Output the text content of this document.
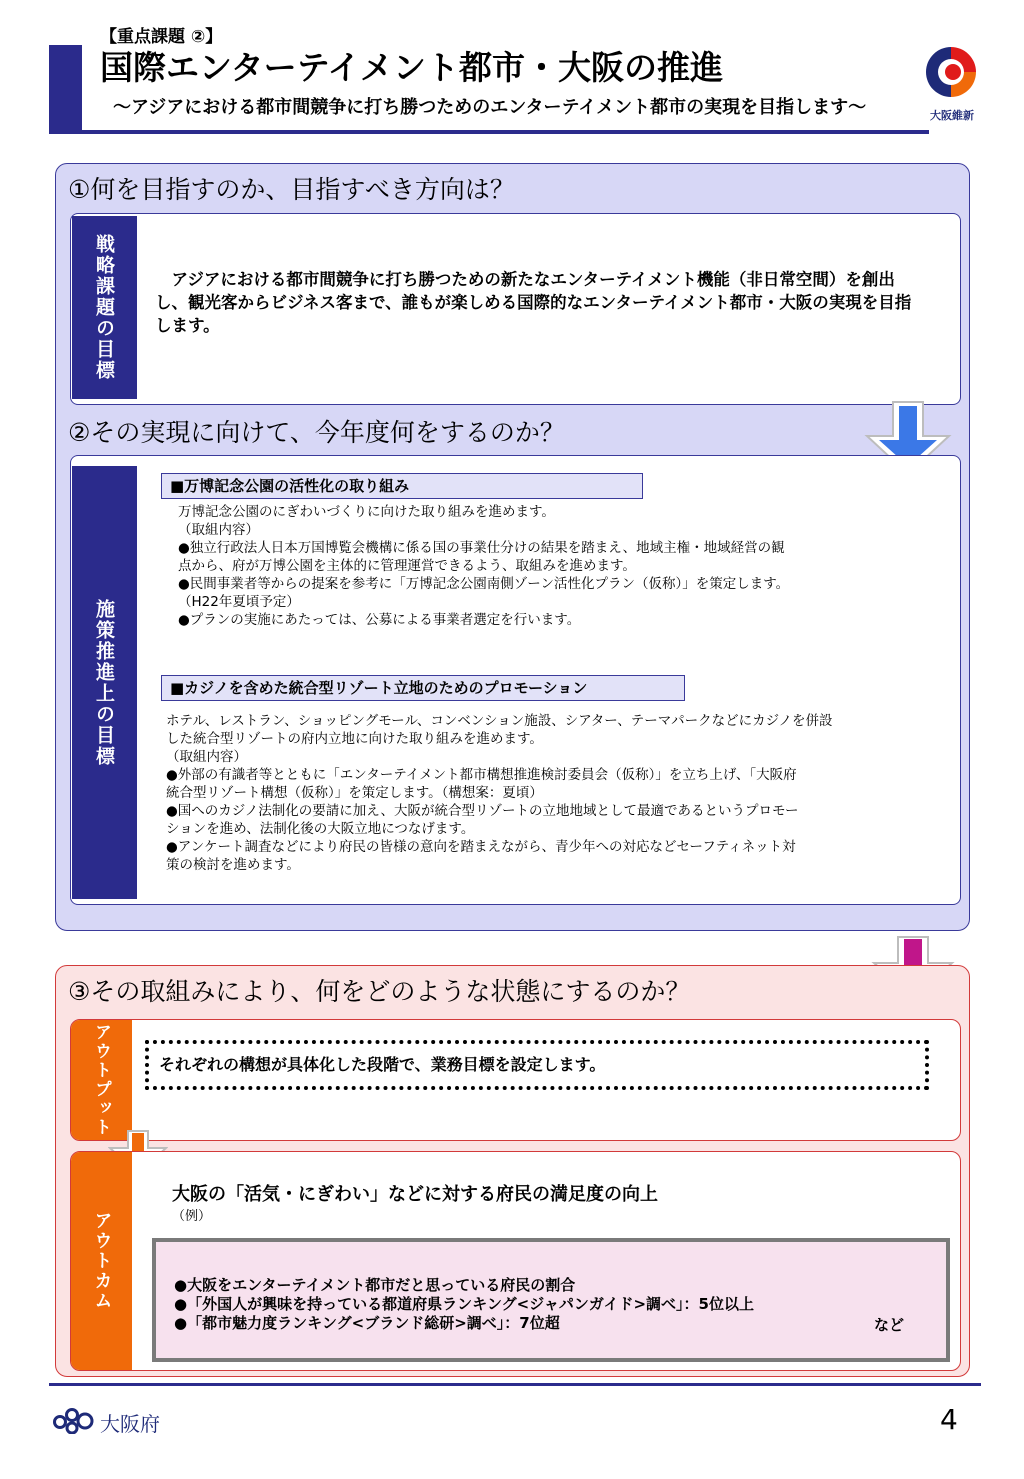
【重点課題 ②】
国際エンターテイメント都市・大阪の推進
～アジアにおける都市間競争に打ち勝つためのエンターテイメント都市の実現を目指します～	大阪維新
①何を目指すのか、目指すべき方向は？
戦略課題の目標	　アジアにおける都市間競争に打ち勝つための新たなエンターテイメント機能（非日常空間）を創出し、観光客からビジネス客まで、誰もが楽しめる国際的なエンターテイメント都市・大阪の実現を目指します。
②その実現に向けて、今年度何をするのか？
施策推進上の目標
■万博記念公園の活性化の取り組み
万博記念公園のにぎわいづくりに向けた取り組みを進めます。
（取組内容）
●独立行政法人日本万国博覧会機構に係る国の事業仕分けの結果を踏まえ、地域主権・地域経営の観
点から、府が万博公園を主体的に管理運営できるよう、取組みを進めます。
●民間事業者等からの提案を参考に「万博記念公園南側ゾーン活性化プラン（仮称）」を策定します。
（H22年夏頃予定）
●プランの実施にあたっては、公募による事業者選定を行います。
■カジノを含めた統合型リゾート立地のためのプロモーション
ホテル、レストラン、ショッピングモール、コンベンション施設、シアター、テーマパークなどにカジノを併設
した統合型リゾートの府内立地に向けた取り組みを進めます。
（取組内容）
●外部の有識者等とともに「エンターテイメント都市構想推進検討委員会（仮称）」を立ち上げ、「大阪府
統合型リゾート構想（仮称）」を策定します。（構想案：夏頃）
●国へのカジノ法制化の要請に加え、大阪が統合型リゾートの立地地域として最適であるというプロモー
ションを進め、法制化後の大阪立地につなげます。
●アンケート調査などにより府民の皆様の意向を踏まえながら、青少年への対応などセーフティネット対
策の検討を進めます。
③その取組みにより、何をどのような状態にするのか？
アウトプット	それぞれの構想が具体化した段階で、業務目標を設定します。
アウトカム
大阪の「活気・にぎわい」などに対する府民の満足度の向上
（例）
●大阪をエンターテイメント都市だと思っている府民の割合
●「外国人が興味を持っている都道府県ランキング<ジャパンガイド>調べ」：5位以上
●「都市魅力度ランキング<ブランド総研>調べ」：7位超	など
大阪府	4
